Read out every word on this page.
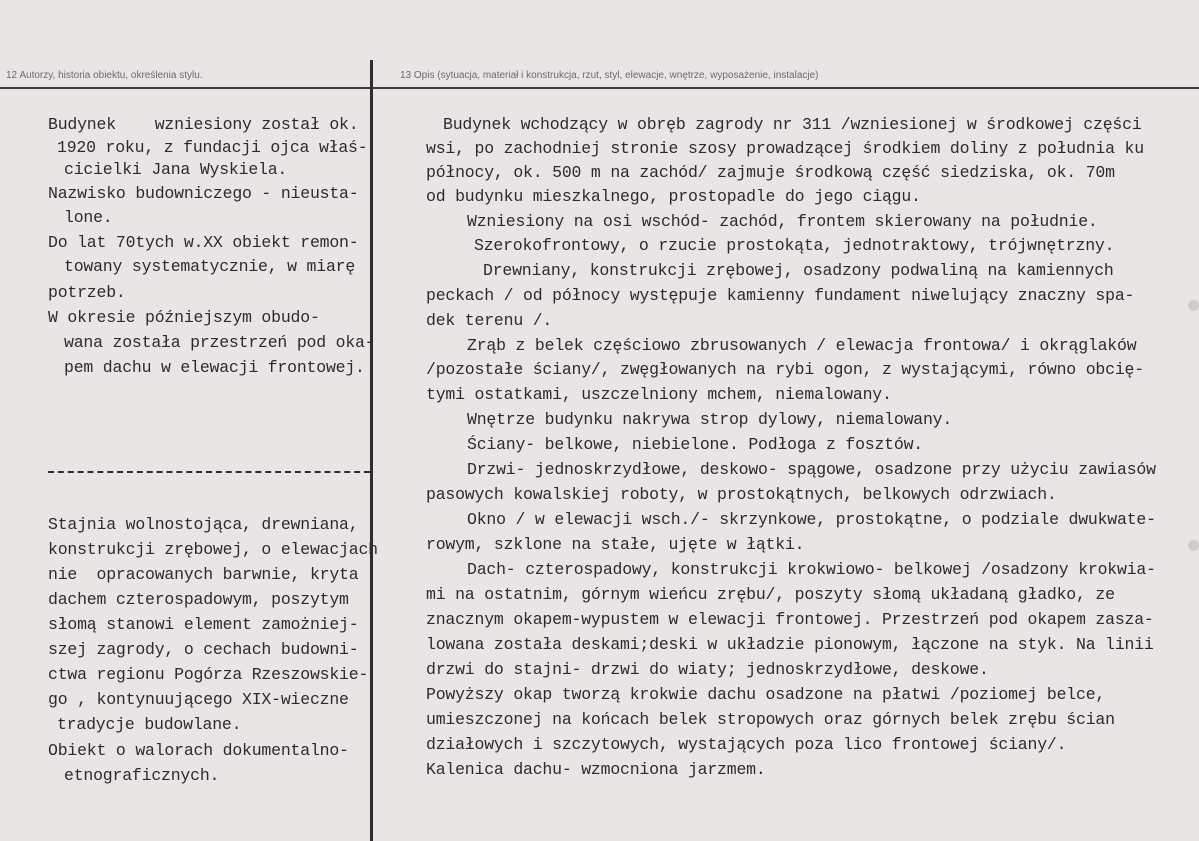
12 Autorzy, historia obiektu, określenia stylu.	13 Opis (sytuacja, materiał i konstrukcja, rzut, styl, elewacje, wnętrze, wyposażenie, instalacje)
Budynek    wzniesiony został ok.
1920 roku, z fundacji ojca właś-
cicielki Jana Wyskiela.
Nazwisko budowniczego - nieusta-
lone.
Do lat 70tych w.XX obiekt remon-
towany systematycznie, w miarę
potrzeb.
W okresie późniejszym obudo-
wana została przestrzeń pod oka-
pem dachu w elewacji frontowej.
Stajnia wolnostojąca, drewniana,
konstrukcji zrębowej, o elewacjach
nie  opracowanych barwnie, kryta
dachem czterospadowym, poszytym
słomą stanowi element zamożniej-
szej zagrody, o cechach budowni-
ctwa regionu Pogórza Rzeszowskie-
go , kontynuującego XIX-wieczne
tradycje budowlane.
Obiekt o walorach dokumentalno-
etnograficznych.
Budynek wchodzący w obręb zagrody nr 311 /wzniesionej w środkowej części
wsi, po zachodniej stronie szosy prowadzącej środkiem doliny z południa ku
północy, ok. 500 m na zachód/ zajmuje środkową część siedziska, ok. 70m
od budynku mieszkalnego, prostopadle do jego ciągu.
Wzniesiony na osi wschód- zachód, frontem skierowany na południe.
Szerokofrontowy, o rzucie prostokąta, jednotraktowy, trójwnętrzny.
Drewniany, konstrukcji zrębowej, osadzony podwaliną na kamiennych
peckach / od północy występuje kamienny fundament niwelujący znaczny spa-
dek terenu /.
Zrąb z belek częściowo zbrusowanych / elewacja frontowa/ i okrąglaków
/pozostałe ściany/, zwęgłowanych na rybi ogon, z wystającymi, równo obcię-
tymi ostatkami, uszczelniony mchem, niemalowany.
Wnętrze budynku nakrywa strop dylowy, niemalowany.
Ściany- belkowe, niebielone. Podłoga z fosztów.
Drzwi- jednoskrzydłowe, deskowo- spągowe, osadzone przy użyciu zawiasów
pasowych kowalskiej roboty, w prostokątnych, belkowych odrzwiach.
Okno / w elewacji wsch./- skrzynkowe, prostokątne, o podziale dwukwate-
rowym, szklone na stałe, ujęte w łątki.
Dach- czterospadowy, konstrukcji krokwiowo- belkowej /osadzony krokwia-
mi na ostatnim, górnym wieńcu zrębu/, poszyty słomą układaną gładko, ze
znacznym okapem-wypustem w elewacji frontowej. Przestrzeń pod okapem zasza-
lowana została deskami;deski w układzie pionowym, łączone na styk. Na linii
drzwi do stajni- drzwi do wiaty; jednoskrzydłowe, deskowe.
Powyższy okap tworzą krokwie dachu osadzone na płatwi /poziomej belce,
umieszczonej na końcach belek stropowych oraz górnych belek zrębu ścian
działowych i szczytowych, wystających poza lico frontowej ściany/.
Kalenica dachu- wzmocniona jarzmem.
